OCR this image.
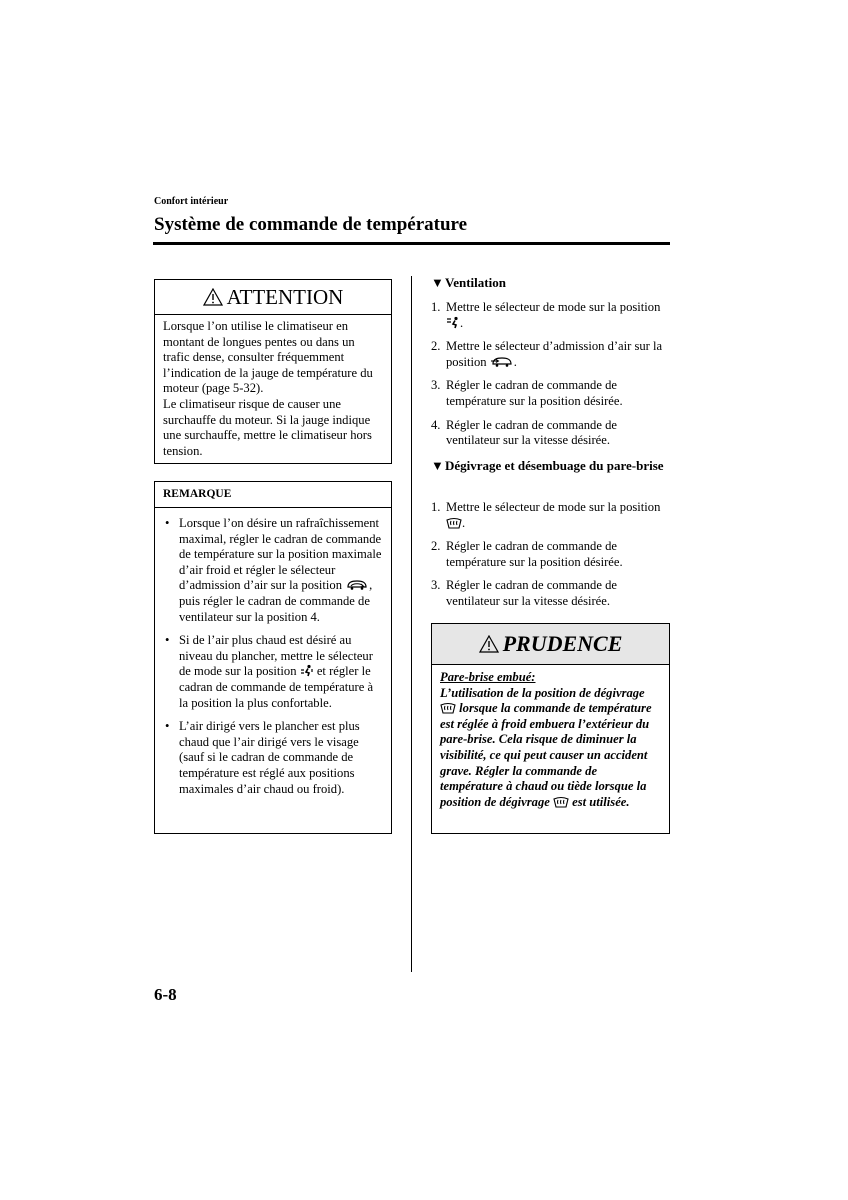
Confort intérieur
Système de commande de température
ATTENTION
Lorsque l’on utilise le climatiseur en montant de longues pentes ou dans un trafic dense, consulter fréquemment l’indication de la jauge de température du moteur (page 5-32).
Le climatiseur risque de causer une surchauffe du moteur. Si la jauge indique une surchauffe, mettre le climatiseur hors tension.
REMARQUE
• Lorsque l’on désire un rafraîchissement maximal, régler le cadran de commande de température sur la position maximale d’air froid et régler le sélecteur d’admission d’air sur la position , puis régler le cadran de commande de ventilateur sur la position 4.
• Si de l’air plus chaud est désiré au niveau du plancher, mettre le sélecteur de mode sur la position et régler le cadran de commande de température à la position la plus confortable.
• L’air dirigé vers le plancher est plus chaud que l’air dirigé vers le visage (sauf si le cadran de commande de température est réglé aux positions maximales d’air chaud ou froid).
▼Ventilation
1. Mettre le sélecteur de mode sur la position .
2. Mettre le sélecteur d’admission d’air sur la position .
3. Régler le cadran de commande de température sur la position désirée.
4. Régler le cadran de commande de ventilateur sur la vitesse désirée.
▼Dégivrage et désembuage du pare-brise
1. Mettre le sélecteur de mode sur la position .
2. Régler le cadran de commande de température sur la position désirée.
3. Régler le cadran de commande de ventilateur sur la vitesse désirée.
PRUDENCE
Pare-brise embué:
L’utilisation de la position de dégivrage  lorsque la commande de température est réglée à froid embuera l’extérieur du pare-brise. Cela risque de diminuer la visibilité, ce qui peut causer un accident grave. Régler la commande de température à chaud ou tiède lorsque la position de dégivrage est utilisée.
6-8
